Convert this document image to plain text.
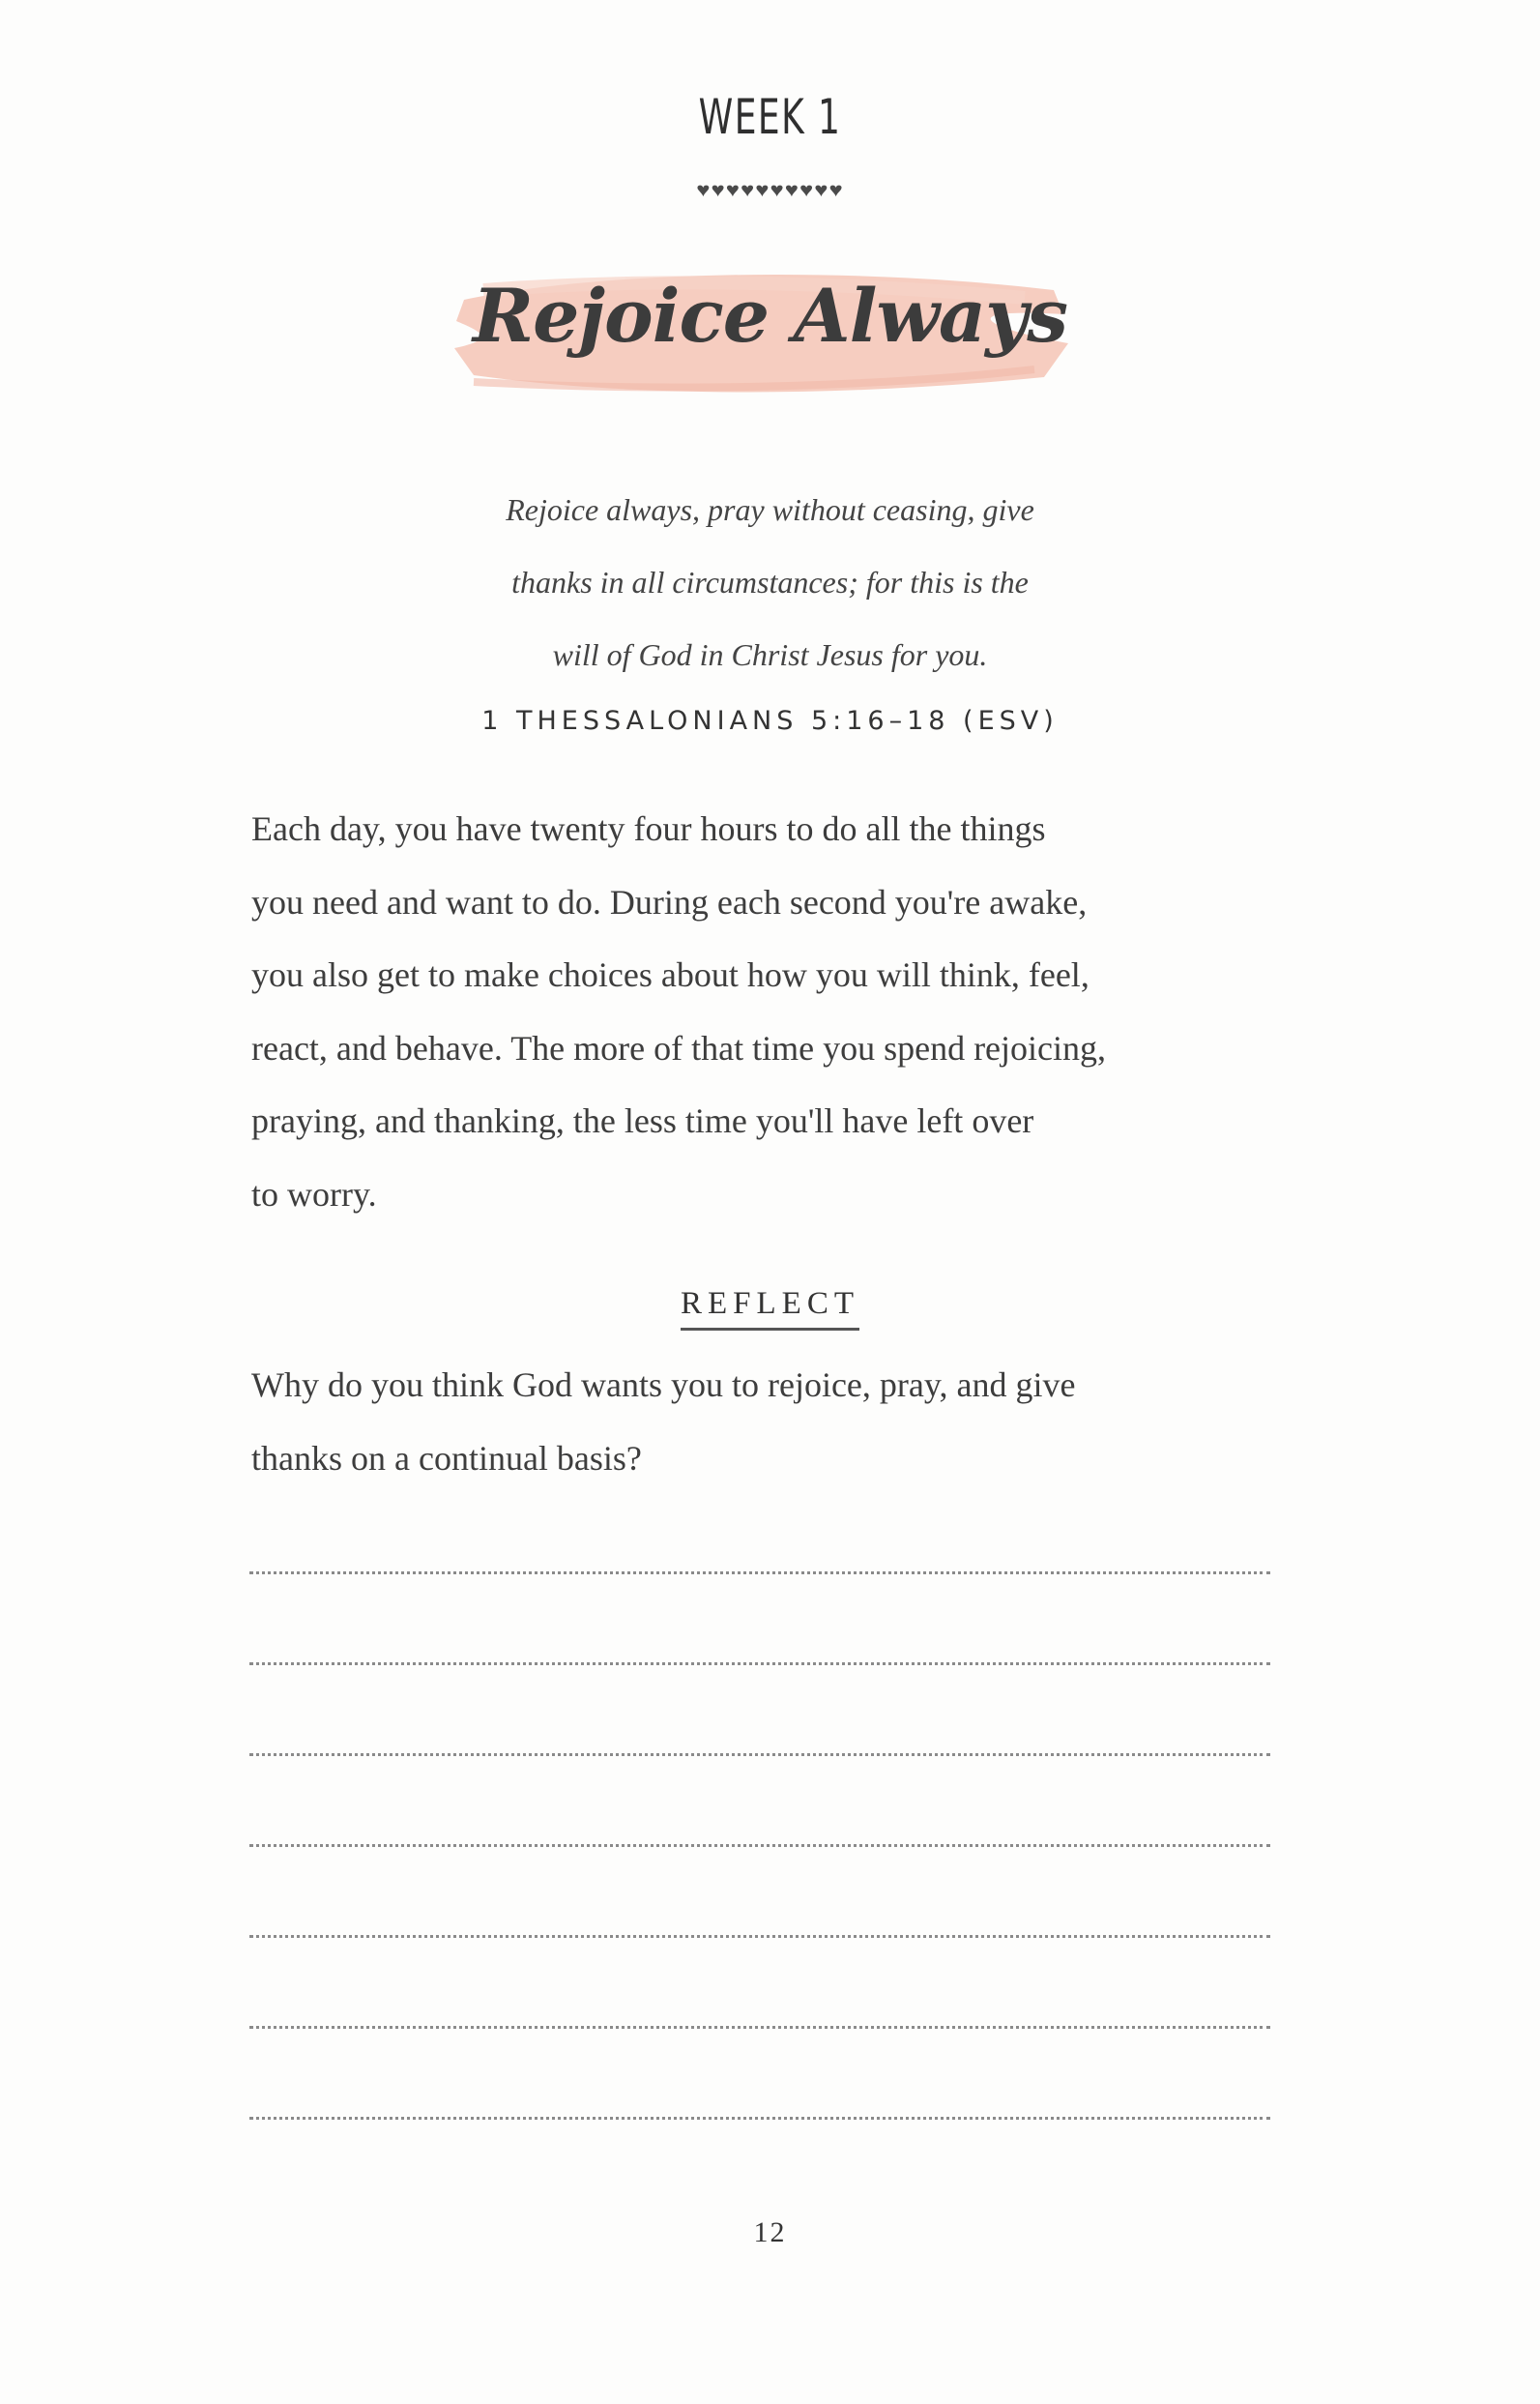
WEEK 1
♥♥♥♥♥♥♥♥♥♥
Rejoice Always
Rejoice always, pray without ceasing, give
thanks in all circumstances; for this is the
will of God in Christ Jesus for you.
1 THESSALONIANS 5:16–18 (ESV)
Each day, you have twenty four hours to do all the things
you need and want to do. During each second you're awake,
you also get to make choices about how you will think, feel,
react, and behave. The more of that time you spend rejoicing,
praying, and thanking, the less time you'll have left over
to worry.
REFLECT
Why do you think God wants you to rejoice, pray, and give
thanks on a continual basis?
12
